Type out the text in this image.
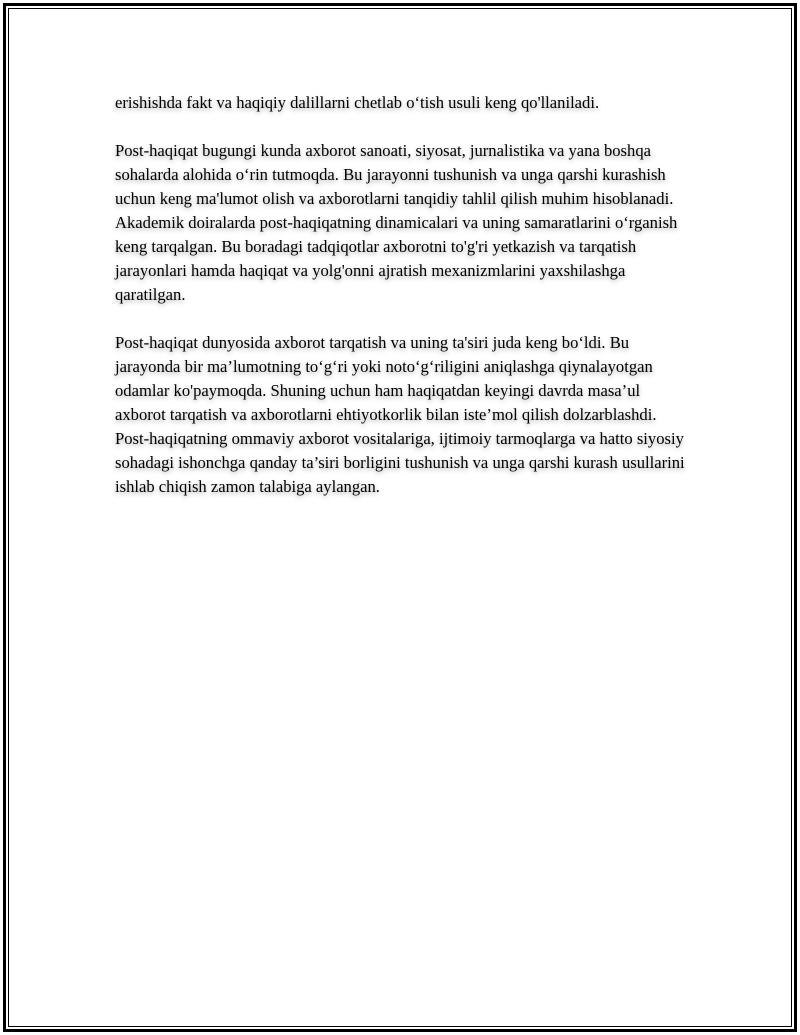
erishishda fakt va haqiqiy dalillarni chetlab o‘tish usuli keng qo'llaniladi.

Post-haqiqat bugungi kunda axborot sanoati, siyosat, jurnalistika va yana boshqa sohalarda alohida o‘rin tutmoqda. Bu jarayonni tushunish va unga qarshi kurashish uchun keng ma'lumot olish va axborotlarni tanqidiy tahlil qilish muhim hisoblanadi. Akademik doiralarda post-haqiqatning dinamicalari va uning samaratlarini o‘rganish keng tarqalgan. Bu boradagi tadqiqotlar axborotni to'g'ri yetkazish va tarqatish jarayonlari hamda haqiqat va yolg'onni ajratish mexanizmlarini yaxshilashga qaratilgan.

Post-haqiqat dunyosida axborot tarqatish va uning ta'siri juda keng bo‘ldi. Bu jarayonda bir ma’lumotning to‘g‘ri yoki noto‘g‘riligini aniqlashga qiynalayotgan odamlar ko'paymoqda. Shuning uchun ham haqiqatdan keyingi davrda masa’ul axborot tarqatish va axborotlarni ehtiyotkorlik bilan iste’mol qilish dolzarblashdi. Post-haqiqatning ommaviy axborot vositalariga, ijtimoiy tarmoqlarga va hatto siyosiy sohadagi ishonchga qanday ta’siri borligini tushunish va unga qarshi kurash usullarini ishlab chiqish zamon talabiga aylangan.
